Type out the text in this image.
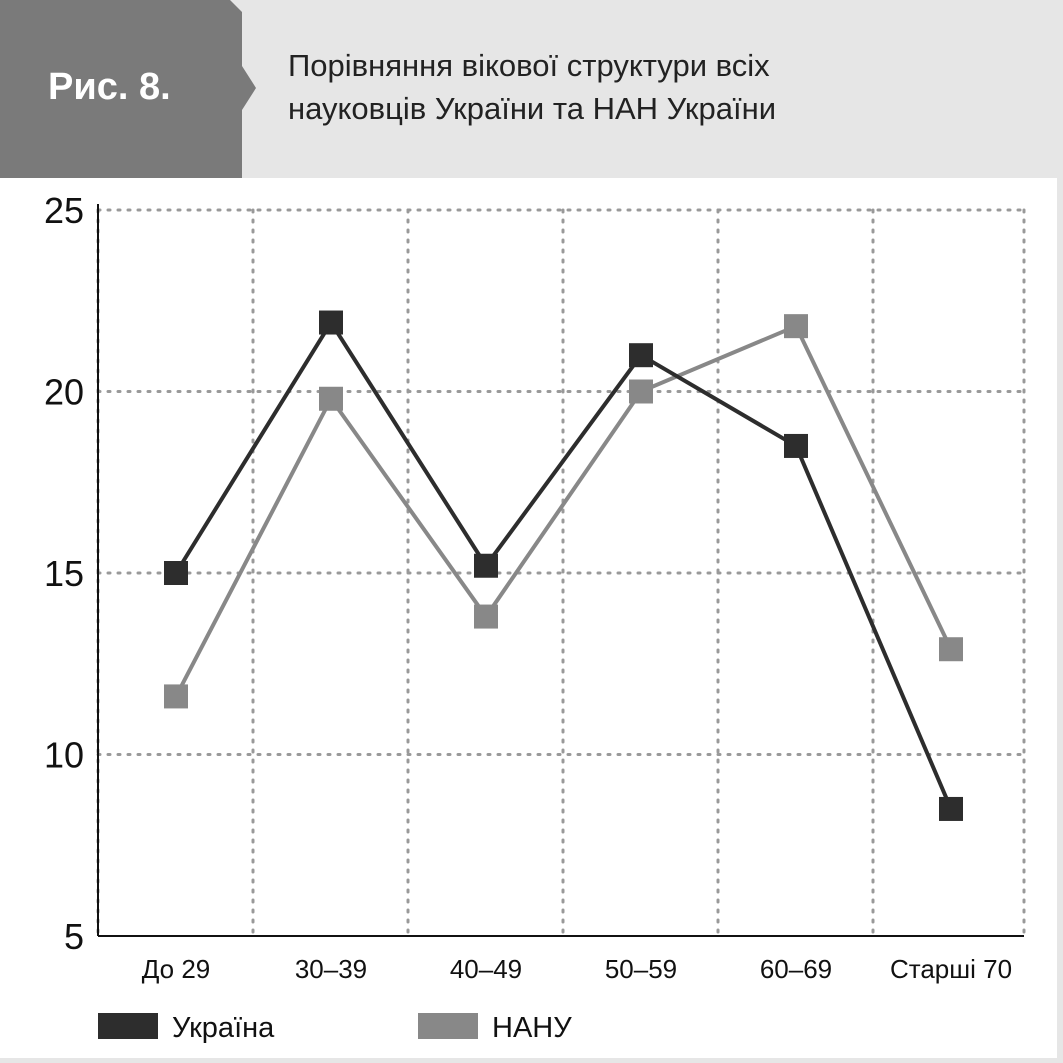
Рис. 8.
Порівняння вікової структури всіх
науковців України та НАН України
5
10
15
20
25
До 29	30–39	40–49	50–59	60–69 Старші 70
Україна	НАНУ
